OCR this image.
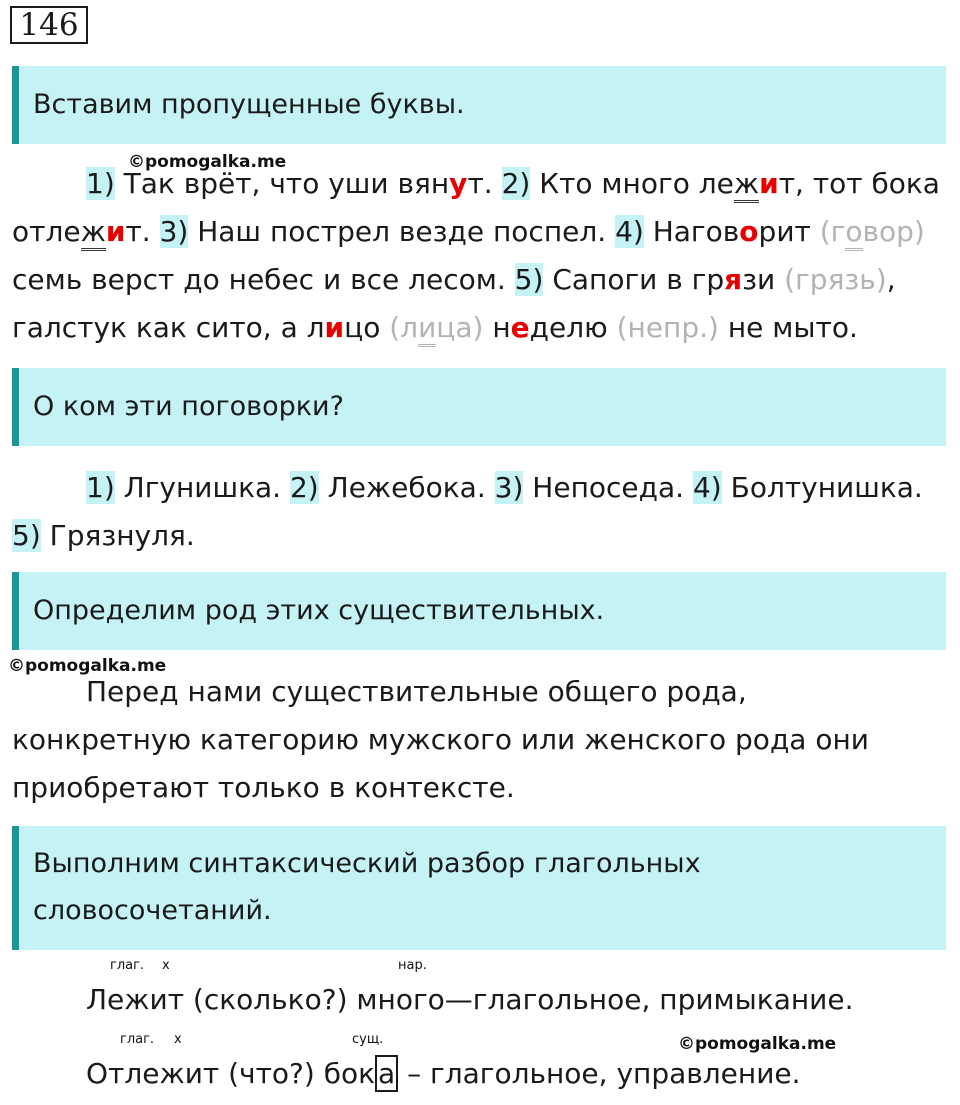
146
Вставим пропущенные буквы.
©pomogalka.me
1) Так врёт, что уши вянут. 2) Кто много лежит, тот бока
отлежит. 3) Наш пострел везде поспел. 4) Наговорит (говор)
семь верст до небес и все лесом. 5) Сапоги в грязи (грязь),
галстук как сито, а лицо (лица) неделю (непр.) не мыто.
О ком эти поговорки?
1) Лгунишка. 2) Лежебока. 3) Непоседа. 4) Болтунишка.
5) Грязнуля.
Определим род этих существительных.
©pomogalka.me
Перед нами существительные общего рода,
конкретную категорию мужского или женского рода они
приобретают только в контексте.
Выполним синтаксический разбор глагольных
словосочетаний.
глаг. х	нар.
Лежит (сколько?) много—глагольное, примыкание.
глаг. х	сущ.	©pomogalka.me
Отлежит (что?) бок а – глагольное, управление.
